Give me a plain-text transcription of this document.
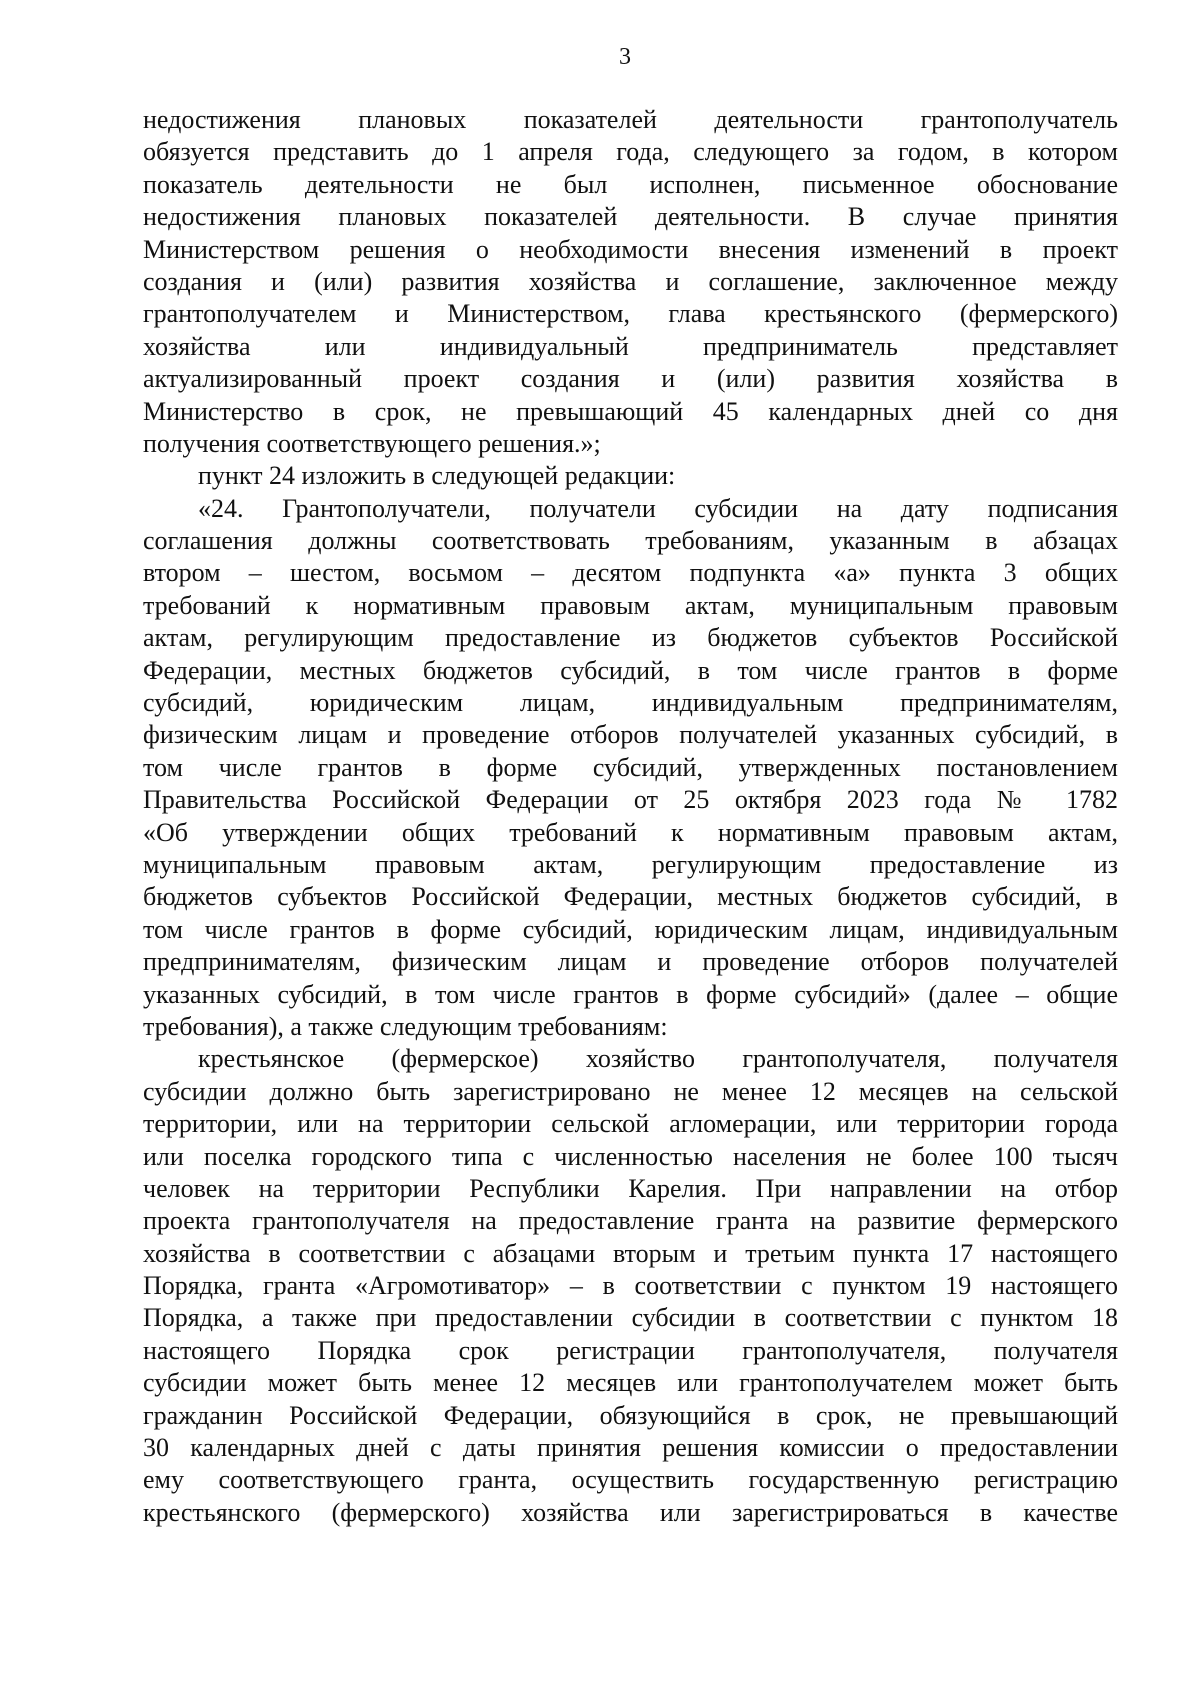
3
недостижения плановых показателей деятельности грантополучатель
обязуется представить до 1 апреля года, следующего за годом, в котором
показатель деятельности не был исполнен, письменное обоснование
недостижения плановых показателей деятельности. В случае принятия
Министерством решения о необходимости внесения изменений в проект
создания и (или) развития хозяйства и соглашение, заключенное между
грантополучателем и Министерством, глава крестьянского (фермерского)
хозяйства или индивидуальный предприниматель представляет
актуализированный проект создания и (или) развития хозяйства в
Министерство в срок, не превышающий 45 календарных дней со дня
получения соответствующего решения.»;
пункт 24 изложить в следующей редакции:
«24. Грантополучатели, получатели субсидии на дату подписания
соглашения должны соответствовать требованиям, указанным в абзацах
втором – шестом, восьмом – десятом подпункта «а» пункта 3 общих
требований к нормативным правовым актам, муниципальным правовым
актам, регулирующим предоставление из бюджетов субъектов Российской
Федерации, местных бюджетов субсидий, в том числе грантов в форме
субсидий, юридическим лицам, индивидуальным предпринимателям,
физическим лицам и проведение отборов получателей указанных субсидий, в
том числе грантов в форме субсидий, утвержденных постановлением
Правительства Российской Федерации от 25 октября 2023 года № 1782
«Об утверждении общих требований к нормативным правовым актам,
муниципальным правовым актам, регулирующим предоставление из
бюджетов субъектов Российской Федерации, местных бюджетов субсидий, в
том числе грантов в форме субсидий, юридическим лицам, индивидуальным
предпринимателям, физическим лицам и проведение отборов получателей
указанных субсидий, в том числе грантов в форме субсидий» (далее – общие
требования), а также следующим требованиям:
крестьянское (фермерское) хозяйство грантополучателя, получателя
субсидии должно быть зарегистрировано не менее 12 месяцев на сельской
территории, или на территории сельской агломерации, или территории города
или поселка городского типа с численностью населения не более 100 тысяч
человек на территории Республики Карелия. При направлении на отбор
проекта грантополучателя на предоставление гранта на развитие фермерского
хозяйства в соответствии с абзацами вторым и третьим пункта 17 настоящего
Порядка, гранта «Агромотиватор» – в соответствии с пунктом 19 настоящего
Порядка, а также при предоставлении субсидии в соответствии с пунктом 18
настоящего Порядка срок регистрации грантополучателя, получателя
субсидии может быть менее 12 месяцев или грантополучателем может быть
гражданин Российской Федерации, обязующийся в срок, не превышающий
30 календарных дней с даты принятия решения комиссии о предоставлении
ему соответствующего гранта, осуществить государственную регистрацию
крестьянского (фермерского) хозяйства или зарегистрироваться в качестве
